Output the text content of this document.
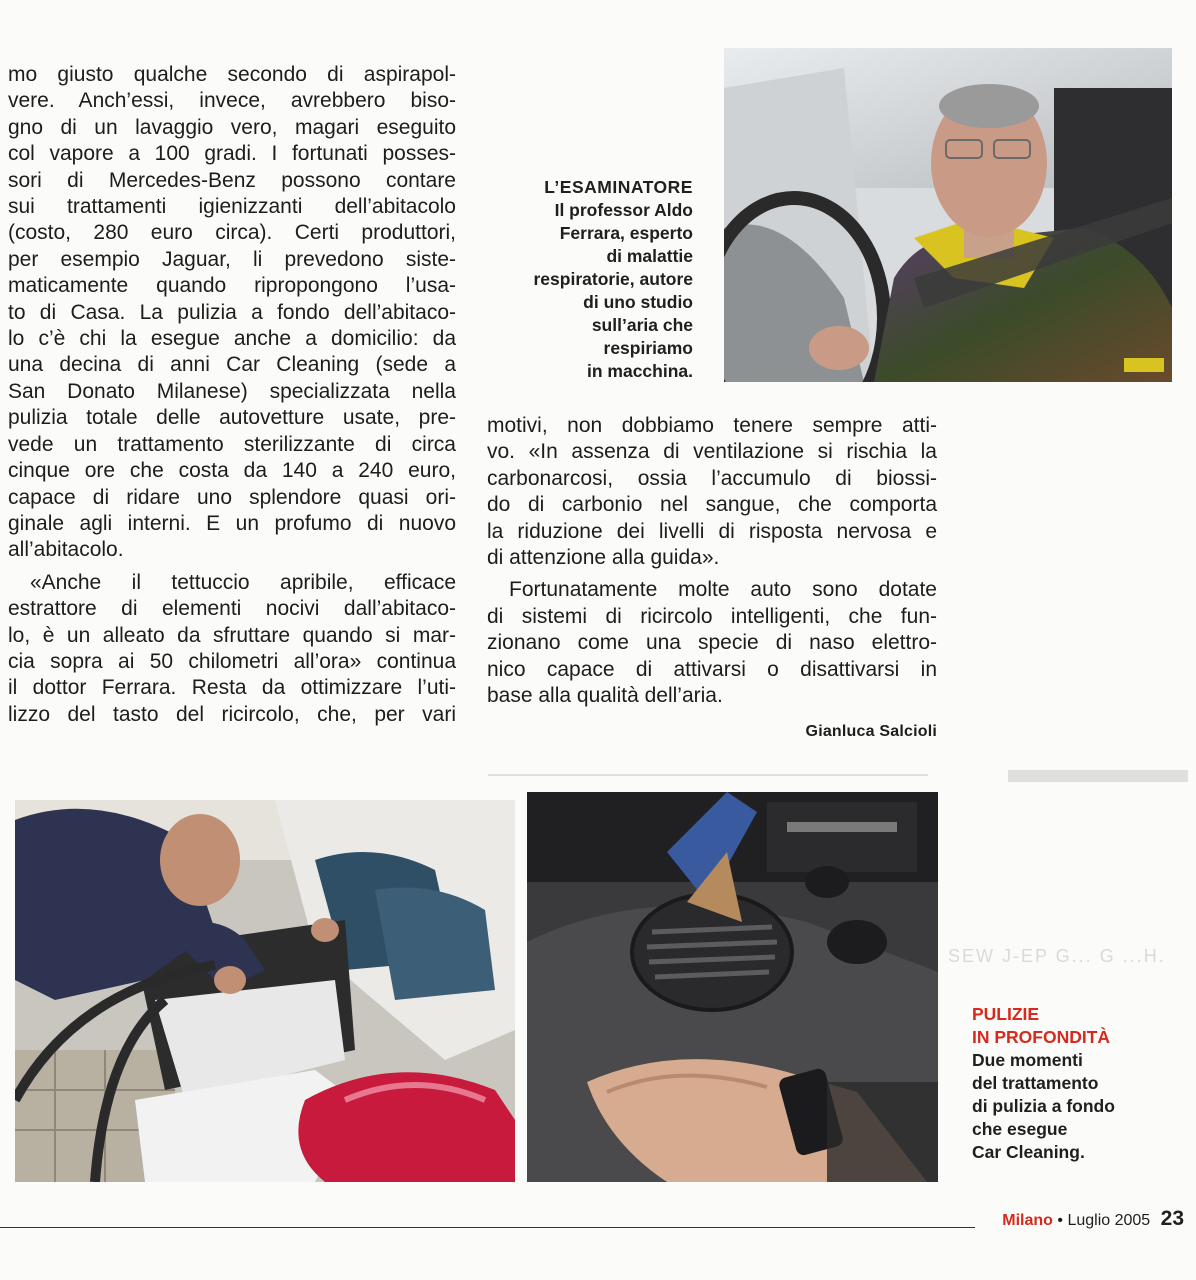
mo giusto qualche secondo di aspirapol-
vere. Anch’essi, invece, avrebbero biso-
gno di un lavaggio vero, magari eseguito
col vapore a 100 gradi. I fortunati posses-
sori di Mercedes-Benz possono contare
sui trattamenti igienizzanti dell’abitacolo
(costo, 280 euro circa). Certi produttori,
per esempio Jaguar, li prevedono siste-
maticamente quando ripropongono l’usa-
to di Casa. La pulizia a fondo dell’abitaco-
lo c’è chi la esegue anche a domicilio: da
una decina di anni Car Cleaning (sede a
San Donato Milanese) specializzata nella
pulizia totale delle autovetture usate, pre-
vede un trattamento sterilizzante di circa
cinque ore che costa da 140 a 240 euro,
capace di ridare uno splendore quasi ori-
ginale agli interni. E un profumo di nuovo
all’abitacolo.

«Anche il tettuccio apribile, efficace
estrattore di elementi nocivi dall’abitaco-
lo, è un alleato da sfruttare quando si mar-
cia sopra ai 50 chilometri all’ora» continua
il dottor Ferrara. Resta da ottimizzare l’uti-
lizzo del tasto del ricircolo, che, per vari

L’ESAMINATORE
Il professor Aldo
Ferrara, esperto
di malattie
respiratorie, autore
di uno studio
sull’aria che
respiriamo
in macchina.

motivi, non dobbiamo tenere sempre atti-
vo. «In assenza di ventilazione si rischia la
carbonarcosi, ossia l’accumulo di biossi-
do di carbonio nel sangue, che comporta
la riduzione dei livelli di risposta nervosa e
di attenzione alla guida».

Fortunatamente molte auto sono dotate
di sistemi di ricircolo intelligenti, che fun-
zionano come una specie di naso elettro-
nico capace di attivarsi o disattivarsi in
base alla qualità dell’aria.

Gianluca Salcioli
SEW J-EP G... G ...H.
PULIZIE
IN PROFONDITÀ
Due momenti
del trattamento
di pulizia a fondo
che esegue
Car Cleaning.
Milano • Luglio 2005 23
